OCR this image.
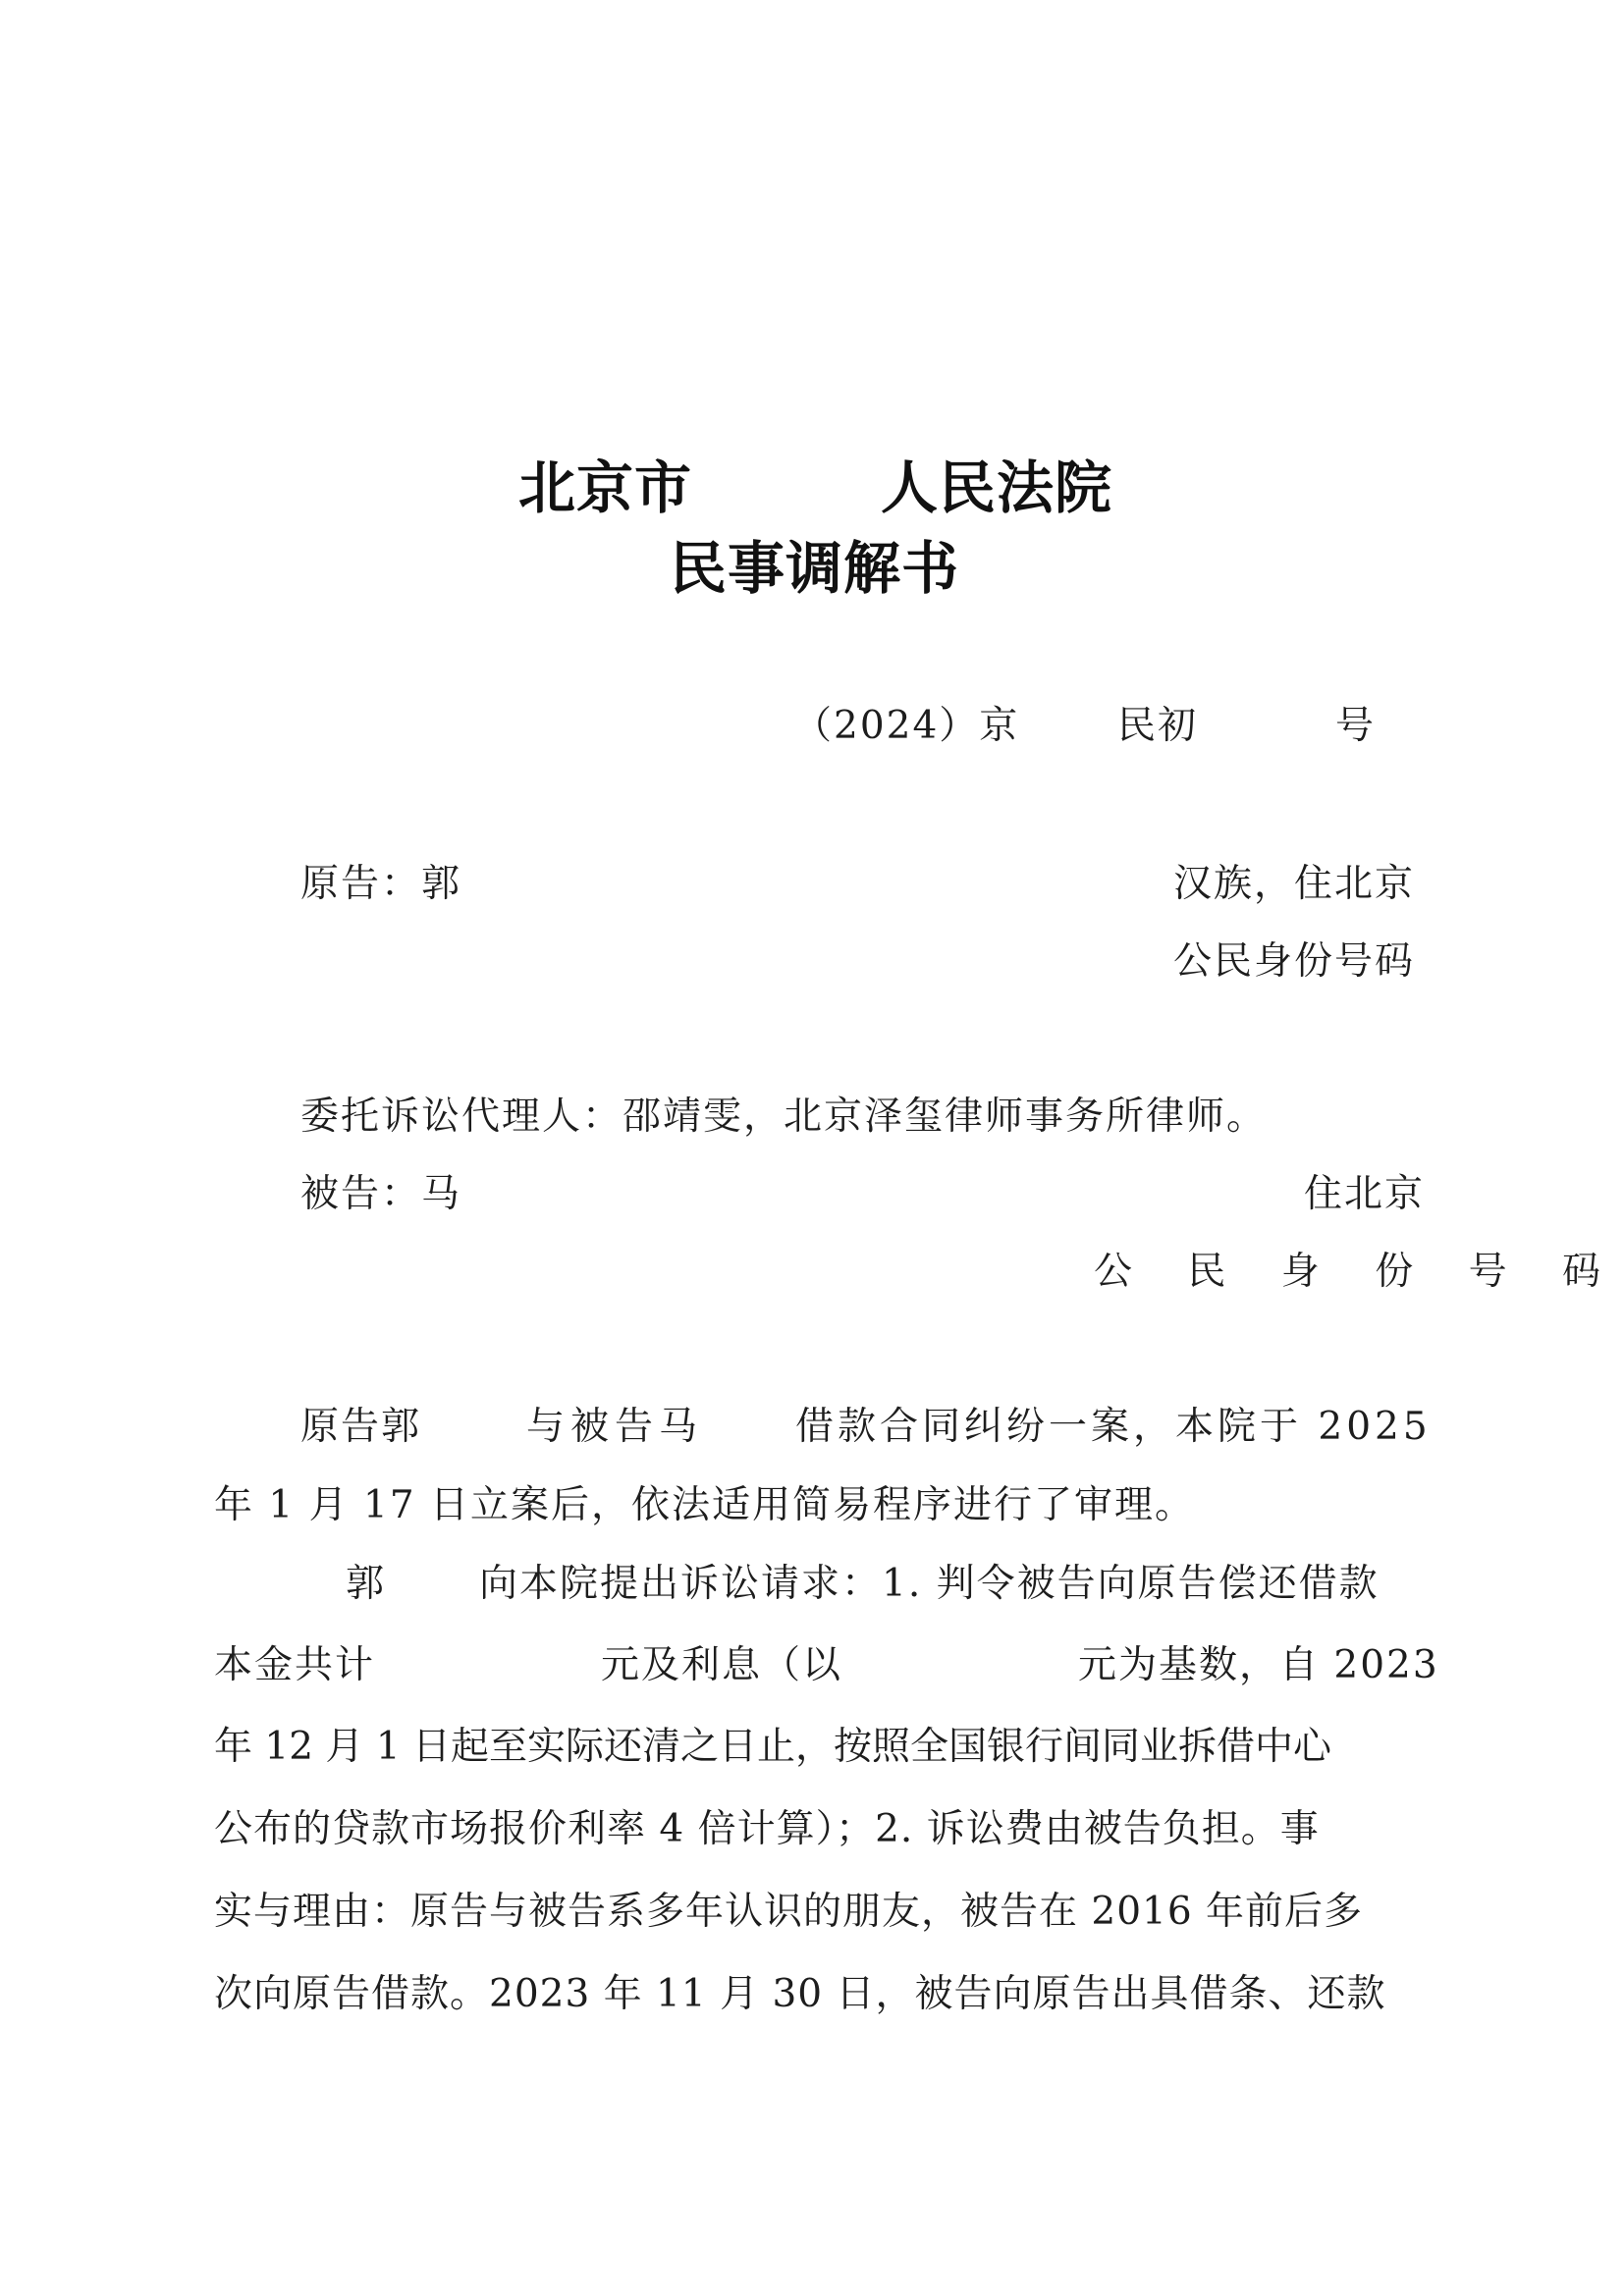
北京市	人民法院
民事调解书
（2024）京	民初	号
原告：郭	汉族，住北京
公民身份号码
委托诉讼代理人：邵靖雯，北京泽玺律师事务所律师。
被告：马	住北京
公 民 身 份 号 码
原告郭	与被告马 借款合同纠纷一案，本院于 2025
年 1 月 17 日立案后，依法适用简易程序进行了审理。
郭 向本院提出诉讼请求：1. 判令被告向原告偿还借款
本金共计	元及利息（以	元为基数，自 2023
年 12 月 1 日起至实际还清之日止，按照全国银行间同业拆借中心
公布的贷款市场报价利率 4 倍计算）；2. 诉讼费由被告负担。事
实与理由：原告与被告系多年认识的朋友，被告在 2016 年前后多
次向原告借款。2023 年 11 月 30 日，被告向原告出具借条、还款
